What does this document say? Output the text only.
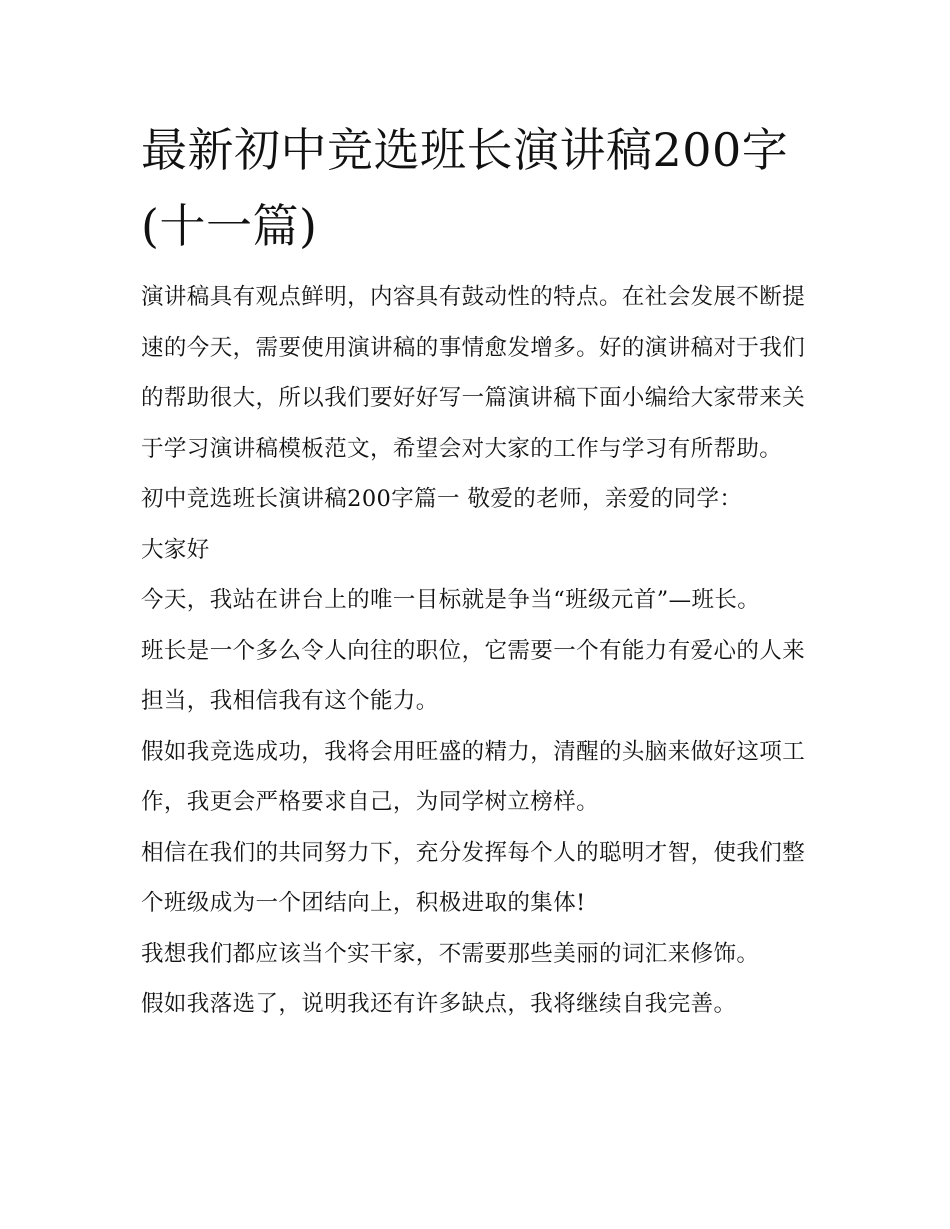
最新初中竞选班长演讲稿200字(十一篇)

演讲稿具有观点鲜明，内容具有鼓动性的特点。在社会发展不断提速的今天，需要使用演讲稿的事情愈发增多。好的演讲稿对于我们的帮助很大，所以我们要好好写一篇演讲稿下面小编给大家带来关于学习演讲稿模板范文，希望会对大家的工作与学习有所帮助。

初中竞选班长演讲稿200字篇一 敬爱的老师，亲爱的同学：

大家好

今天，我站在讲台上的唯一目标就是争当“班级元首”—班长。

班长是一个多么令人向往的职位，它需要一个有能力有爱心的人来担当，我相信我有这个能力。

假如我竞选成功，我将会用旺盛的精力，清醒的头脑来做好这项工作，我更会严格要求自己，为同学树立榜样。

相信在我们的共同努力下，充分发挥每个人的聪明才智，使我们整个班级成为一个团结向上，积极进取的集体!

我想我们都应该当个实干家，不需要那些美丽的词汇来修饰。

假如我落选了，说明我还有许多缺点，我将继续自我完善。
